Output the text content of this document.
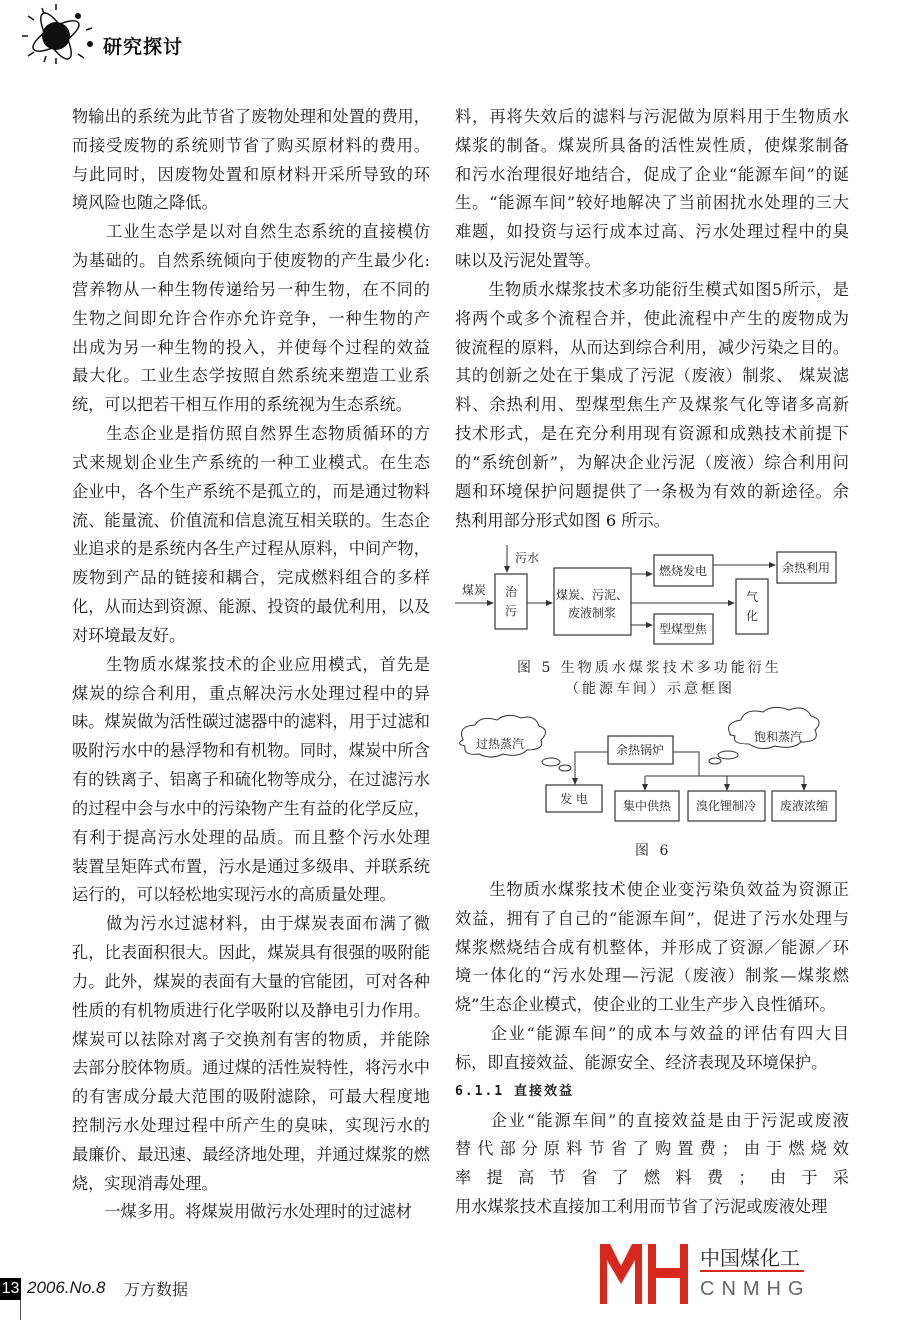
研究探讨
物输出的系统为此节省了废物处理和处置的费用，
而接受废物的系统则节省了购买原材料的费用。
与此同时，因废物处置和原材料开采所导致的环
境风险也随之降低。
　　工业生态学是以对自然生态系统的直接模仿
为基础的。自然系统倾向于使废物的产生最少化:
营养物从一种生物传递给另一种生物，在不同的
生物之间即允许合作亦允许竞争，一种生物的产
出成为另一种生物的投入，并使每个过程的效益
最大化。工业生态学按照自然系统来塑造工业系
统，可以把若干相互作用的系统视为生态系统。
　　生态企业是指仿照自然界生态物质循环的方
式来规划企业生产系统的一种工业模式。在生态
企业中，各个生产系统不是孤立的，而是通过物料
流、能量流、价值流和信息流互相关联的。生态企
业追求的是系统内各生产过程从原料，中间产物，
废物到产品的链接和耦合，完成燃料组合的多样
化，从而达到资源、能源、投资的最优利用，以及
对环境最友好。
　　生物质水煤浆技术的企业应用模式，首先是
煤炭的综合利用，重点解决污水处理过程中的异
味。煤炭做为活性碳过滤器中的滤料，用于过滤和
吸附污水中的悬浮物和有机物。同时，煤炭中所含
有的铁离子、铝离子和硫化物等成分，在过滤污水
的过程中会与水中的污染物产生有益的化学反应，
有利于提高污水处理的品质。而且整个污水处理
装置呈矩阵式布置，污水是通过多级串、并联系统
运行的，可以轻松地实现污水的高质量处理。
　　做为污水过滤材料，由于煤炭表面布满了微
孔，比表面积很大。因此，煤炭具有很强的吸附能
力。此外，煤炭的表面有大量的官能团，可对各种
性质的有机物质进行化学吸附以及静电引力作用。
煤炭可以祛除对离子交换剂有害的物质，并能除
去部分胶体物质。通过煤的活性炭特性，将污水中
的有害成分最大范围的吸附滤除，可最大程度地
控制污水处理过程中所产生的臭味，实现污水的
最廉价、最迅速、最经济地处理，并通过煤浆的燃
烧，实现消毒处理。
　　一煤多用。将煤炭用做污水处理时的过滤材
料，再将失效后的滤料与污泥做为原料用于生物质水
煤浆的制备。煤炭所具备的活性炭性质，使煤浆制备
和污水治理很好地结合，促成了企业“能源车间”的诞
生。“能源车间”较好地解决了当前困扰水处理的三大
难题，如投资与运行成本过高、污水处理过程中的臭
味以及污泥处置等。
　　生物质水煤浆技术多功能衍生模式如图5所示，是
将两个或多个流程合并，使此流程中产生的废物成为
彼流程的原料，从而达到综合利用，减少污染之目的。
其的创新之处在于集成了污泥（废液）制浆、 煤炭滤
料、余热利用、型煤型焦生产及煤浆气化等诸多高新
技术形式，是在充分利用现有资源和成熟技术前提下
的“系统创新”，为解决企业污泥（废液）综合利用问
题和环境保护问题提供了一条极为有效的新途径。余
热利用部分形式如图 6 所示。
　　生物质水煤浆技术使企业变污染负效益为资源正
效益，拥有了自己的“能源车间”，促进了污水处理与
煤浆燃烧结合成有机整体，并形成了资源／能源／环
境一体化的“污水处理—污泥（废液）制浆—煤浆燃
烧”生态企业模式，使企业的工业生产步入良性循环。
　　企业“能源车间”的成本与效益的评估有四大目
标，即直接效益、能源安全、经济表现及环境保护。
6.1.1 直接效益
　　企业“能源车间”的直接效益是由于污泥或废液
替代部分原料节省了购置费；由于燃烧效
率提高节省了燃料费；由于采
用水煤浆技术直接加工利用而节省了污泥或废液处理
煤炭
污水
治
污
煤炭、污泥、
废液制浆
燃烧发电
型煤型焦
气
化
余热利用
图 5 生物质水煤浆技术多功能衍生
（能源车间）示意框图
过热蒸汽	饱和蒸汽
余热锅炉
发 电	集中供热 溴化锂制冷 废液浓缩
图 6
中国煤化工
CNMHG
13 2006.No.8 万方数据
